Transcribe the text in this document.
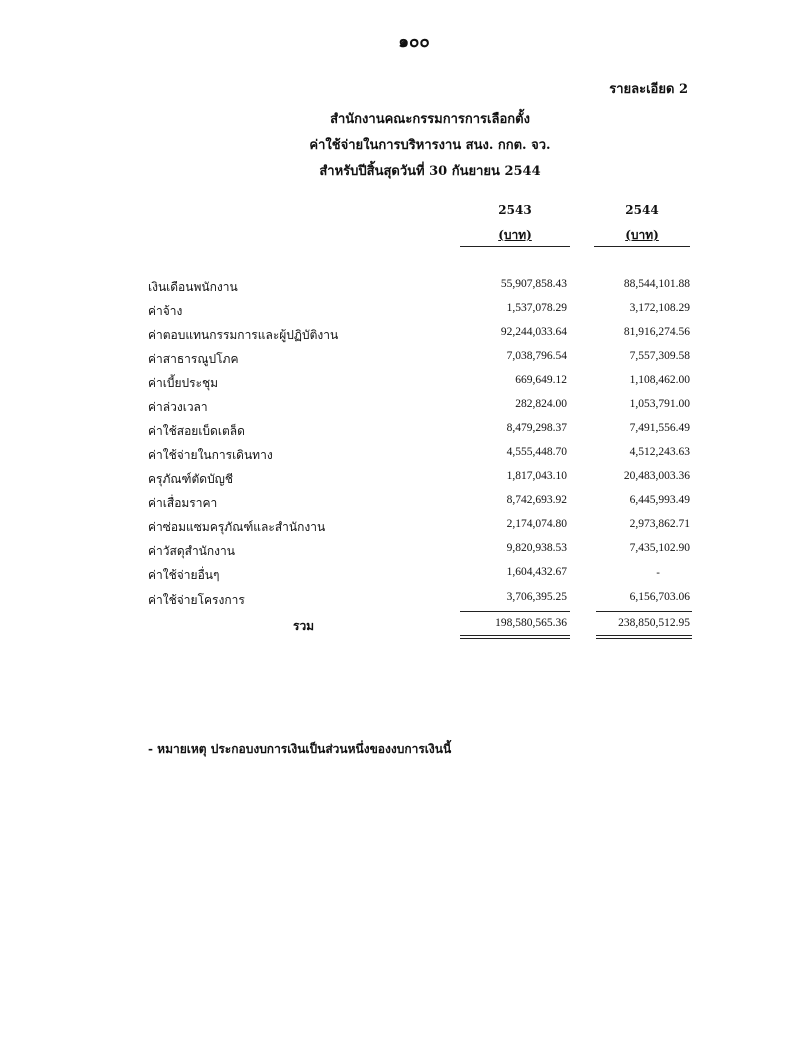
๑๐๐
รายละเอียด 2
สำนักงานคณะกรรมการการเลือกตั้ง
ค่าใช้จ่ายในการบริหารงาน สนง. กกต. จว.
สำหรับปีสิ้นสุดวันที่ 30 กันยายน 2544
2543	2544
(บาท)	(บาท)
เงินเดือนพนักงาน	55,907,858.43	88,544,101.88
ค่าจ้าง	1,537,078.29	3,172,108.29
ค่าตอบแทนกรรมการและผู้ปฏิบัติงาน	92,244,033.64	81,916,274.56
ค่าสาธารณูปโภค	7,038,796.54	7,557,309.58
ค่าเบี้ยประชุม	669,649.12	1,108,462.00
ค่าล่วงเวลา	282,824.00	1,053,791.00
ค่าใช้สอยเบ็ดเตล็ด	8,479,298.37	7,491,556.49
ค่าใช้จ่ายในการเดินทาง	4,555,448.70	4,512,243.63
ครุภัณฑ์ตัดบัญชี	1,817,043.10	20,483,003.36
ค่าเสื่อมราคา	8,742,693.92	6,445,993.49
ค่าซ่อมแซมครุภัณฑ์และสำนักงาน	2,174,074.80	2,973,862.71
ค่าวัสดุสำนักงาน	9,820,938.53	7,435,102.90
ค่าใช้จ่ายอื่นๆ	1,604,432.67	-
ค่าใช้จ่ายโครงการ	3,706,395.25	6,156,703.06
รวม	198,580,565.36	238,850,512.95
- หมายเหตุ ประกอบงบการเงินเป็นส่วนหนึ่งของงบการเงินนี้
